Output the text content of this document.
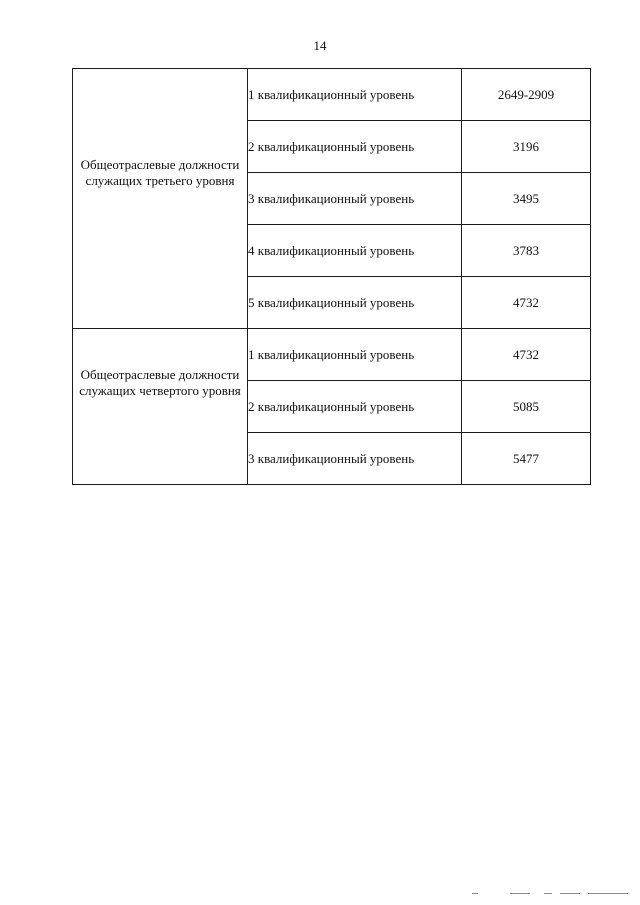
14
Общеотраслевые должности служащих третьего уровня	1 квалификационный уровень	2649-2909
	2 квалификационный уровень	3196
	3 квалификационный уровень	3495
	4 квалификационный уровень	3783
	5 квалификационный уровень	4732
Общеотраслевые должности служащих четвертого уровня	1 квалификационный уровень	4732
	2 квалификационный уровень	5085
	3 квалификационный уровень	5477
